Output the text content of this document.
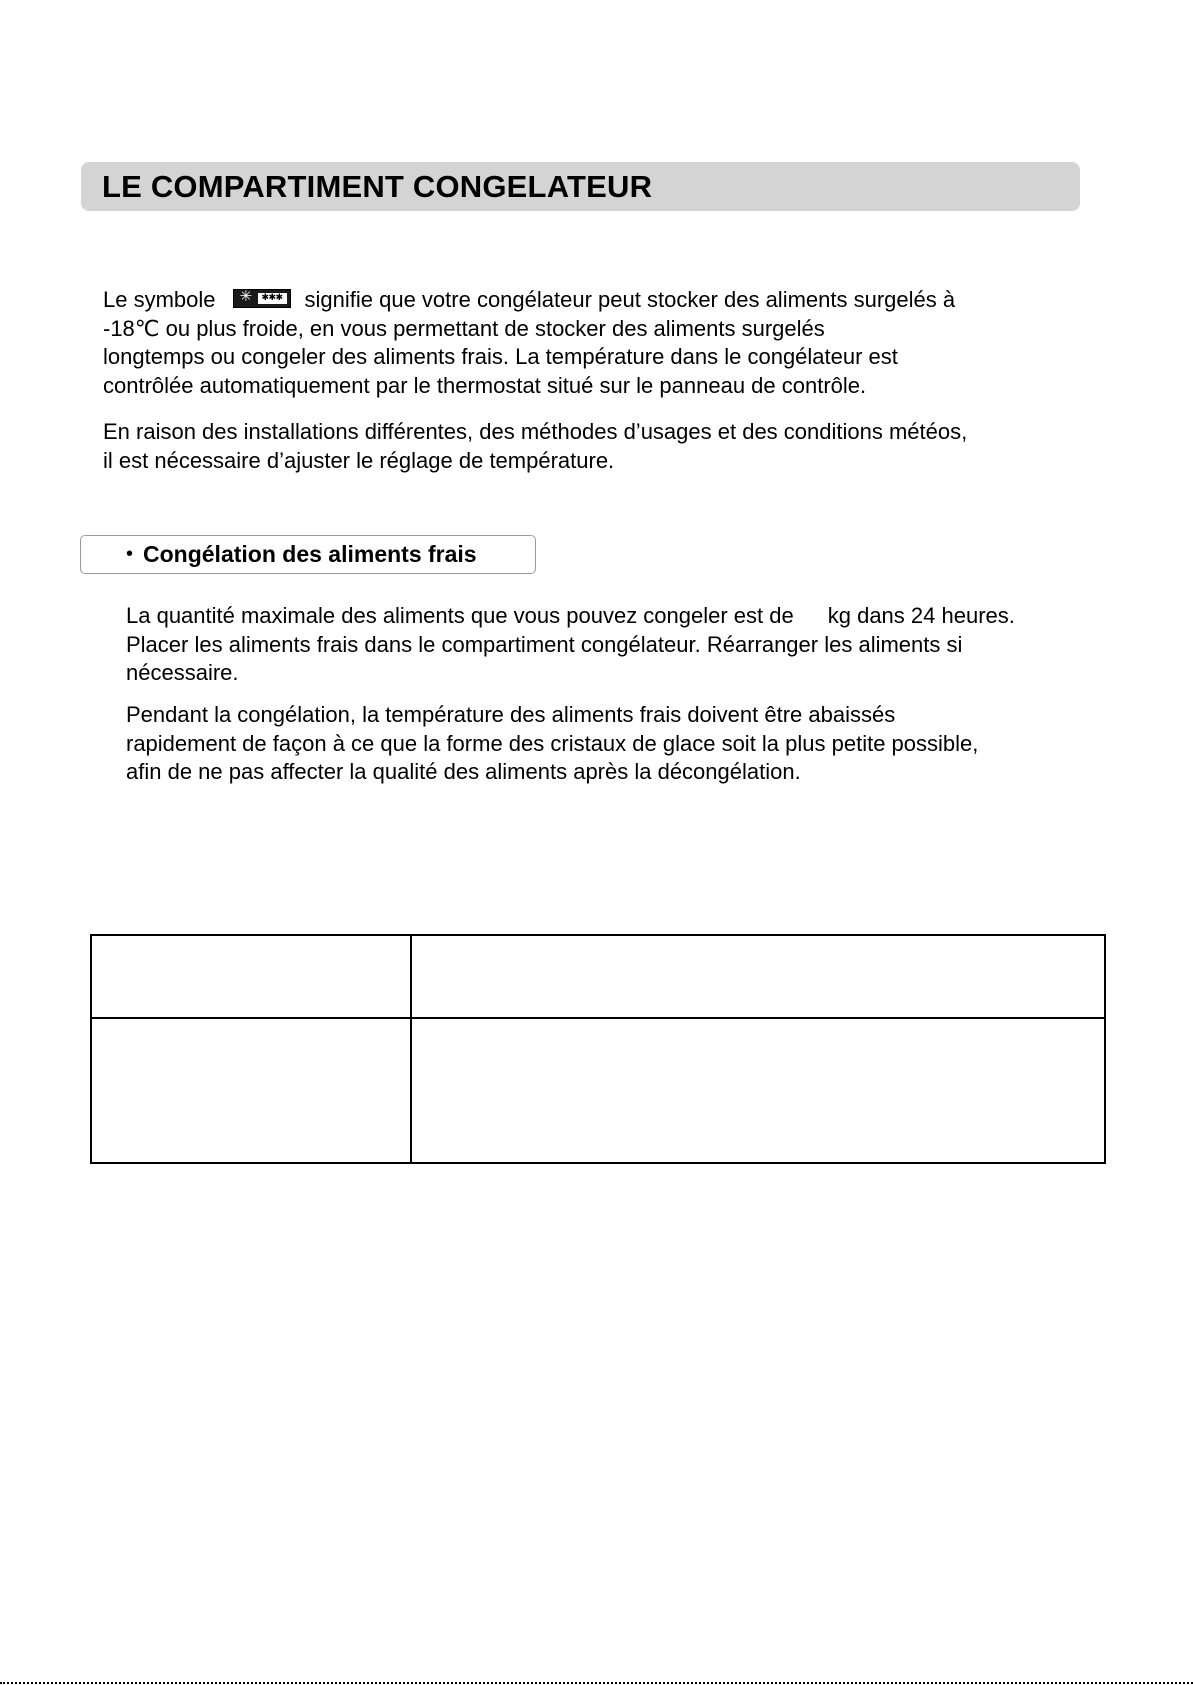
LE COMPARTIMENT CONGELATEUR
Le symbole ✳	✱✱✱ signifie que votre congélateur peut stocker des aliments surgelés à
-18℃ ou plus froide, en vous permettant de stocker des aliments surgelés
longtemps ou congeler des aliments frais. La température dans le congélateur est
contrôlée automatiquement par le thermostat situé sur le panneau de contrôle.
En raison des installations différentes, des méthodes d’usages et des conditions météos,
il est nécessaire d’ajuster le réglage de température.
• Congélation des aliments frais
La quantité maximale des aliments que vous pouvez congeler est de kg dans 24 heures.
Placer les aliments frais dans le compartiment congélateur. Réarranger les aliments si
nécessaire.
Pendant la congélation, la température des aliments frais doivent être abaissés
rapidement de façon à ce que la forme des cristaux de glace soit la plus petite possible,
afin de ne pas affecter la qualité des aliments après la décongélation.
